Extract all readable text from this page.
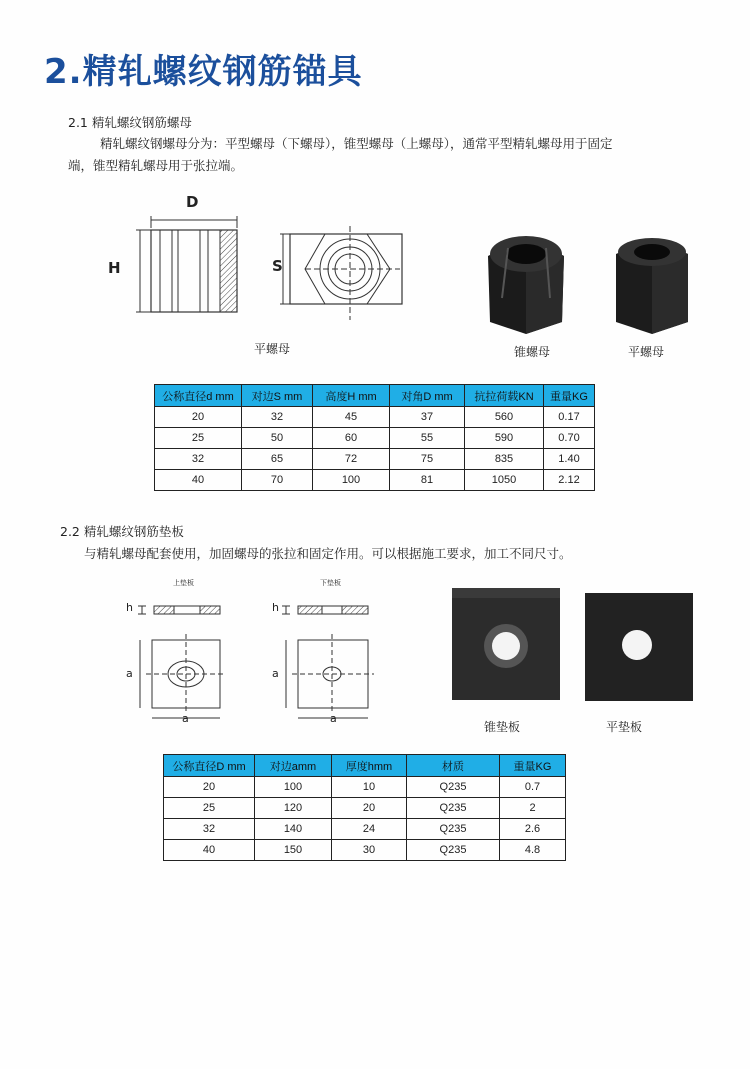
2.精轧螺纹钢筋锚具
2.1 精轧螺纹钢筋螺母
精轧螺纹钢螺母分为：平型螺母（下螺母），锥型螺母（上螺母），通常平型精轧螺母用于固定
端，锥型精轧螺母用于张拉端。
D
H	S
平螺母	锥螺母	平螺母
公称直径d mm	对边S mm	高度H mm	对角D mm	抗拉荷载KN	重量KG
20	32	45	37	560	0.17
25	50	60	55	590	0.70
32	65	72	75	835	1.40
40	70	100	81	1050	2.12
2.2 精轧螺纹钢筋垫板
与精轧螺母配套使用，加固螺母的张拉和固定作用。可以根据施工要求，加工不同尺寸。
上垫板	下垫板
h	h
a
a
a
a
锥垫板	平垫板
公称直径D mm	对边amm	厚度hmm	材质	重量KG
20	100	10	Q235	0.7
25	120	20	Q235	2
32	140	24	Q235	2.6
40	150	30	Q235	4.8
